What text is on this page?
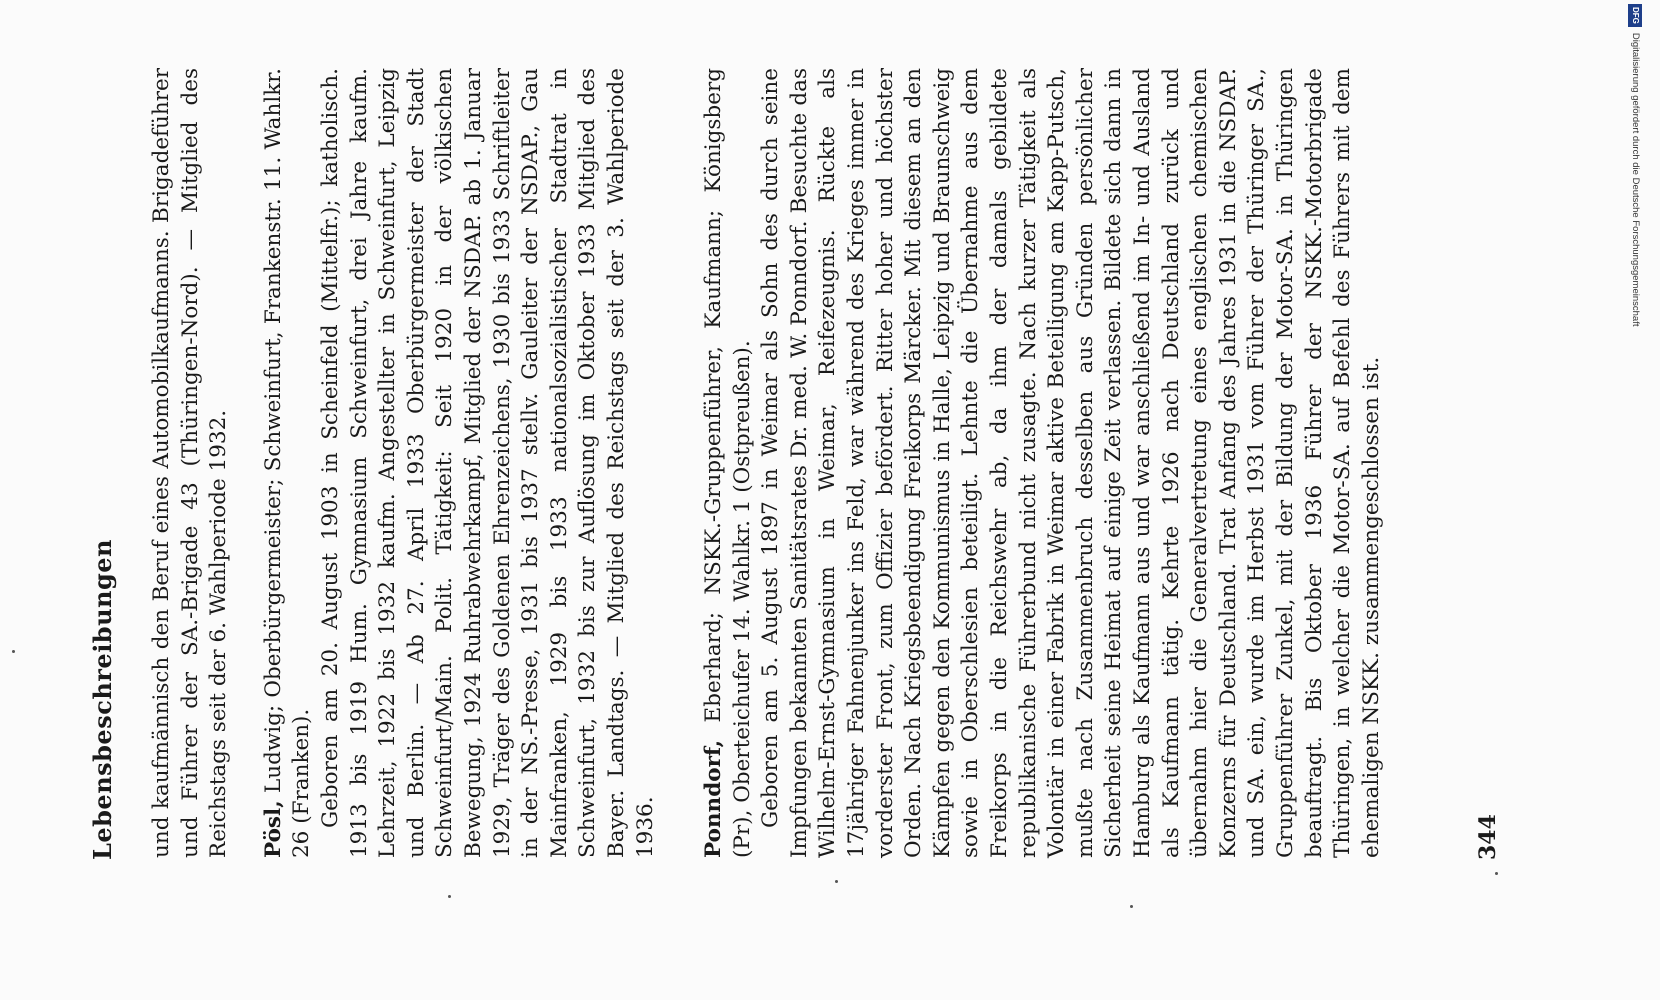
Lebensbeschreibungen und kaufmännisch den Beruf eines Automobilkaufmanns. Brigadeführer und Führer der SA.-Brigade 43 (Thüringen-Nord). — Mitglied des Reichstags seit der 6. Wahlperiode 1932. Pösl, Ludwig; Oberbürgermeister; Schweinfurt, Frankenstr. 11. Wahlkr. 26 (Franken). Geboren am 20. August 1903 in Scheinfeld (Mittelfr.); katholisch. 1913 bis 1919 Hum. Gymnasium Schweinfurt, drei Jahre kaufm. Lehrzeit, 1922 bis 1932 kaufm. Angestellter in Schweinfurt, Leipzig und Berlin. — Ab 27. April 1933 Oberbürgermeister der Stadt Schweinfurt/Main. Polit. Tätigkeit: Seit 1920 in der völkischen Bewegung, 1924 Ruhrabwehrkampf, Mitglied der NSDAP. ab 1. Januar 1929, Träger des Goldenen Ehrenzeichens, 1930 bis 1933 Schriftleiter in der NS.-Presse, 1931 bis 1937 stellv. Gauleiter der NSDAP., Gau Mainfranken, 1929 bis 1933 nationalsozialistischer Stadtrat in Schweinfurt, 1932 bis zur Auflösung im Oktober 1933 Mitglied des Bayer. Landtags. — Mitglied des Reichstags seit der 3. Wahlperiode 1936. Ponndorf, Eberhard; NSKK.-Gruppenführer, Kaufmann; Königsberg (Pr), Oberteichufer 14. Wahlkr. 1 (Ostpreußen). Geboren am 5. August 1897 in Weimar als Sohn des durch seine Impfungen bekannten Sanitätsrates Dr. med. W. Ponndorf. Besuchte das Wilhelm-Ernst-Gymnasium in Weimar, Reifezeugnis. Rückte als 17jähriger Fahnenjunker ins Feld, war während des Krieges immer in vorderster Front, zum Offizier befördert. Ritter hoher und höchster Orden. Nach Kriegsbeendigung Freikorps Märcker. Mit diesem an den Kämpfen gegen den Kommunismus in Halle, Leipzig und Braunschweig sowie in Oberschlesien beteiligt. Lehnte die Übernahme aus dem Freikorps in die Reichswehr ab, da ihm der damals gebildete republikanische Führerbund nicht zusagte. Nach kurzer Tätigkeit als Volontär in einer Fabrik in Weimar aktive Beteiligung am Kapp-Putsch, mußte nach Zusammenbruch desselben aus Gründen persönlicher Sicherheit seine Heimat auf einige Zeit verlassen. Bildete sich dann in Hamburg als Kaufmann aus und war anschließend im In- und Ausland als Kaufmann tätig. Kehrte 1926 nach Deutschland zurück und übernahm hier die Generalvertretung eines englischen chemischen Konzerns für Deutschland. Trat Anfang des Jahres 1931 in die NSDAP. und SA. ein, wurde im Herbst 1931 vom Führer der Thüringer SA., Gruppenführer Zunkel, mit der Bildung der Motor-SA. in Thüringen beauftragt. Bis Oktober 1936 Führer der NSKK.-Motorbrigade Thüringen, in welcher die Motor-SA. auf Befehl des Führers mit dem ehemaligen NSKK. zusammengeschlossen ist.	344
DFG
Digitalisierung gefördert durch die Deutsche Forschungsgemeinschaft
